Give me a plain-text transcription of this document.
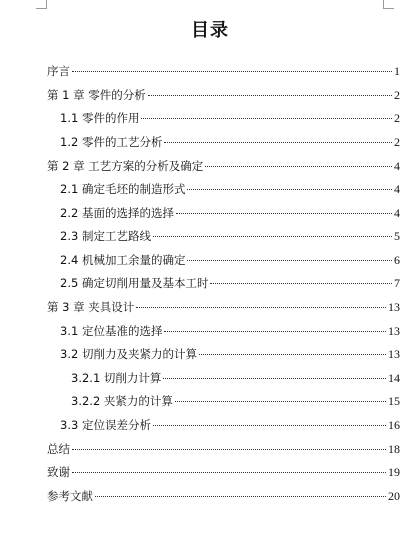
目录
序言	1
第 1 章 零件的分析	2
1.1 零件的作用	2
1.2 零件的工艺分析	2
第 2 章 工艺方案的分析及确定	4
2.1 确定毛坯的制造形式	4
2.2 基面的选择的选择	4
2.3 制定工艺路线	5
2.4 机械加工余量的确定	6
2.5 确定切削用量及基本工时	7
第 3 章 夹具设计	13
3.1 定位基准的选择	13
3.2 切削力及夹紧力的计算	13
3.2.1 切削力计算	14
3.2.2 夹紧力的计算	15
3.3 定位误差分析	16
总结	18
致谢	19
参考文献	20
